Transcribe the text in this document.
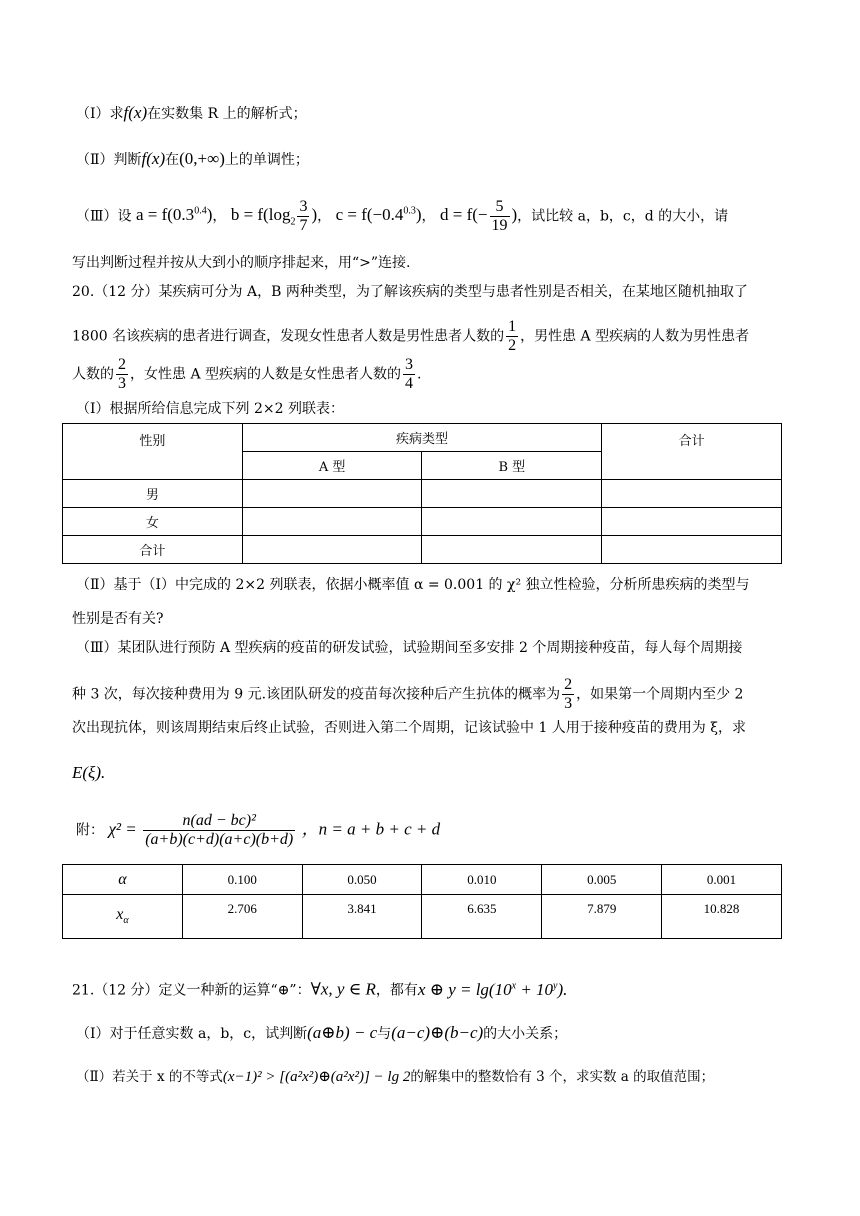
（Ⅰ）求f(x)在实数集 R 上的解析式；
（Ⅱ）判断f(x)在(0,+∞)上的单调性；
（Ⅲ）设 $a = f(0.3^{0.4})$， $b = f(\log_2 \frac{3}{7}$ )， $c = f(-0.4^{0.3})$， $d = f(- \frac{5}{19}$ )，试比较 a，b，c，d 的大小，请
写出判断过程并按从大到小的顺序排起来，用“>”连接.
20.（12 分）某疾病可分为 A，B 两种类型，为了解该疾病的类型与患者性别是否相关，在某地区随机抽取了
1800 名该疾病的患者进行调查，发现女性患者人数是男性患者人数的 $\frac{1}{2}$ ，男性患 A 型疾病的人数为男性患者
人数的 $\frac{2}{3}$ ，女性患 A 型疾病的人数是女性患者人数的 $\frac{3}{4}$ .
（Ⅰ）根据所给信息完成下列 2×2 列联表：
性别	疾病类型		合计
	A 型	B 型	
男			
女			
合计			
（Ⅱ）基于（Ⅰ）中完成的 2×2 列联表，依据小概率值 α = 0.001 的 χ² 独立性检验，分析所患疾病的类型与
性别是否有关?
（Ⅲ）某团队进行预防 A 型疾病的疫苗的研发试验，试验期间至多安排 2 个周期接种疫苗，每人每个周期接
种 3 次，每次接种费用为 9 元.该团队研发的疫苗每次接种后产生抗体的概率为 $\frac{2}{3}$ ，如果第一个周期内至少 2
次出现抗体，则该周期结束后终止试验，否则进入第二个周期，记该试验中 1 人用于接种疫苗的费用为 ξ，求
E(ξ).
附： $\chi^2 = \frac{\text{n(ad − bc)²}}{(a+b)(c+d)(a+c)(b+d)}$ ，n = a + b + c + d
α	0.100	0.050	0.010	0.005	0.001
$x_\alpha$	2.706	3.841	6.635	7.879	10.828
21.（12 分）定义一种新的运算“⊕”：∀x, y ∈ R，都有x ⊕ $y = \lg(10^x + 10^y)$.
（Ⅰ）对于任意实数 a，b，c，试判断(a⊕b) − c与(a−c)⊕(b−c)的大小关系；
（Ⅱ）若关于 x 的不等式(x−1)² > [(a²x²)⊕(a²x²)] − lg 2的解集中的整数恰有 3 个，求实数 a 的取值范围；
